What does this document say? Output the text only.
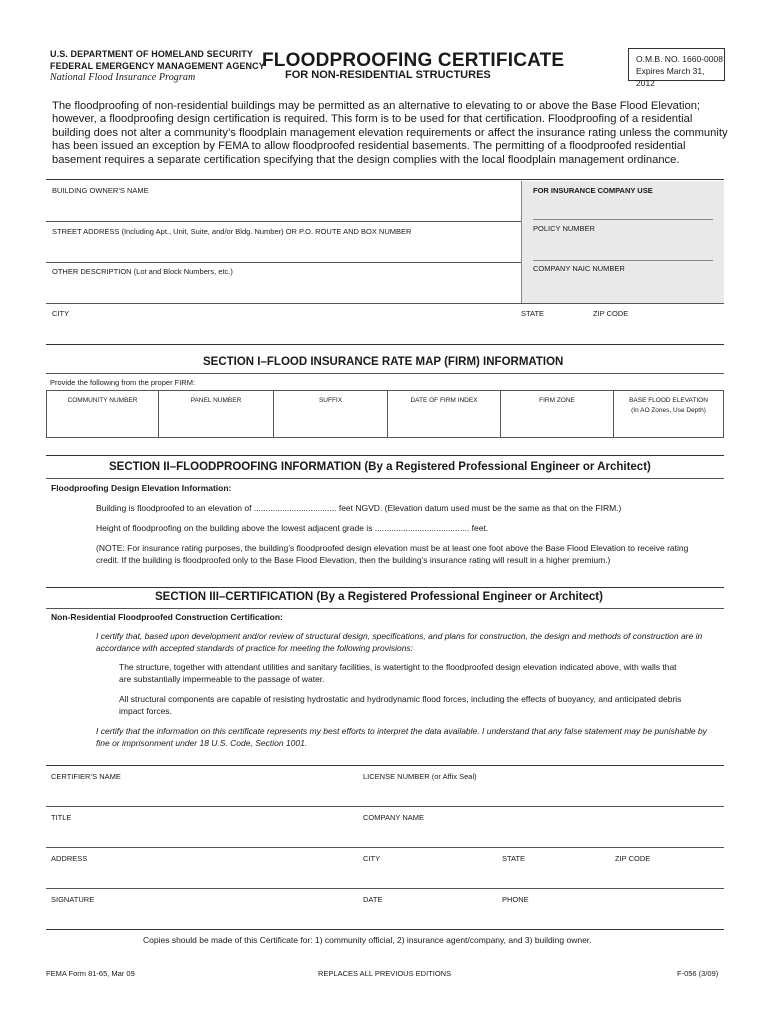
U.S. DEPARTMENT OF HOMELAND SECURITY
FEDERAL EMERGENCY MANAGEMENT AGENCY
National Flood Insurance Program
FLOODPROOFING CERTIFICATE
FOR NON-RESIDENTIAL STRUCTURES
O.M.B. NO. 1660-0008
Expires March 31, 2012
The floodproofing of non-residential buildings may be permitted as an alternative to elevating to or above the Base Flood Elevation; however, a floodproofing design certification is required. This form is to be used for that certification. Floodproofing of a residential building does not alter a community’s floodplain management elevation requirements or affect the insurance rating unless the community has been issued an exception by FEMA to allow floodproofed residential basements. The permitting of a floodproofed residential basement requires a separate certification specifying that the design complies with the local floodplain management ordinance.
BUILDING OWNER’S NAME	FOR INSURANCE COMPANY USE
POLICY NUMBER
STREET ADDRESS (Including Apt., Unit, Suite, and/or Bldg. Number) OR P.O. ROUTE AND BOX NUMBER
COMPANY NAIC NUMBER
OTHER DESCRIPTION (Lot and Block Numbers, etc.)
CITY	STATE	ZIP CODE
SECTION I–FLOOD INSURANCE RATE MAP (FIRM) INFORMATION
Provide the following from the proper FIRM:
COMMUNITY NUMBER	PANEL NUMBER	SUFFIX	DATE OF FIRM INDEX	FIRM ZONE	BASE FLOOD ELEVATION
(In AO Zones, Use Depth)
SECTION II–FLOODPROOFING INFORMATION (By a Registered Professional Engineer or Architect)
Floodproofing Design Elevation Information:
Building is floodproofed to an elevation of ................................... feet NGVD. (Elevation datum used must be the same as that on the FIRM.)
Height of floodproofing on the building above the lowest adjacent grade is ........................................ feet.
(NOTE: For insurance rating purposes, the building’s floodproofed design elevation must be at least one foot above the Base Flood Elevation to receive rating credit. If the building is floodproofed only to the Base Flood Elevation, then the building’s insurance rating will result in a higher premium.)
SECTION III–CERTIFICATION (By a Registered Professional Engineer or Architect)
Non-Residential Floodproofed Construction Certification:
I certify that, based upon development and/or review of structural design, specifications, and plans for construction, the design and methods of construction are in accordance with accepted standards of practice for meeting the following provisions:
The structure, together with attendant utilities and sanitary facilities, is watertight to the floodproofed design elevation indicated above, with walls that are substantially impermeable to the passage of water.
All structural components are capable of resisting hydrostatic and hydrodynamic flood forces, including the effects of buoyancy, and anticipated debris impact forces.
I certify that the information on this certificate represents my best efforts to interpret the data available. I understand that any false statement may be punishable by fine or imprisonment under 18 U.S. Code, Section 1001.
CERTIFIER’S NAME	LICENSE NUMBER (or Affix Seal)
TITLE	COMPANY NAME
ADDRESS	CITY	STATE	ZIP CODE
SIGNATURE	DATE	PHONE
Copies should be made of this Certificate for: 1) community official, 2) insurance agent/company, and 3) building owner.
FEMA Form 81-65, Mar 09	REPLACES ALL PREVIOUS EDITIONS	F-056 (3/09)
